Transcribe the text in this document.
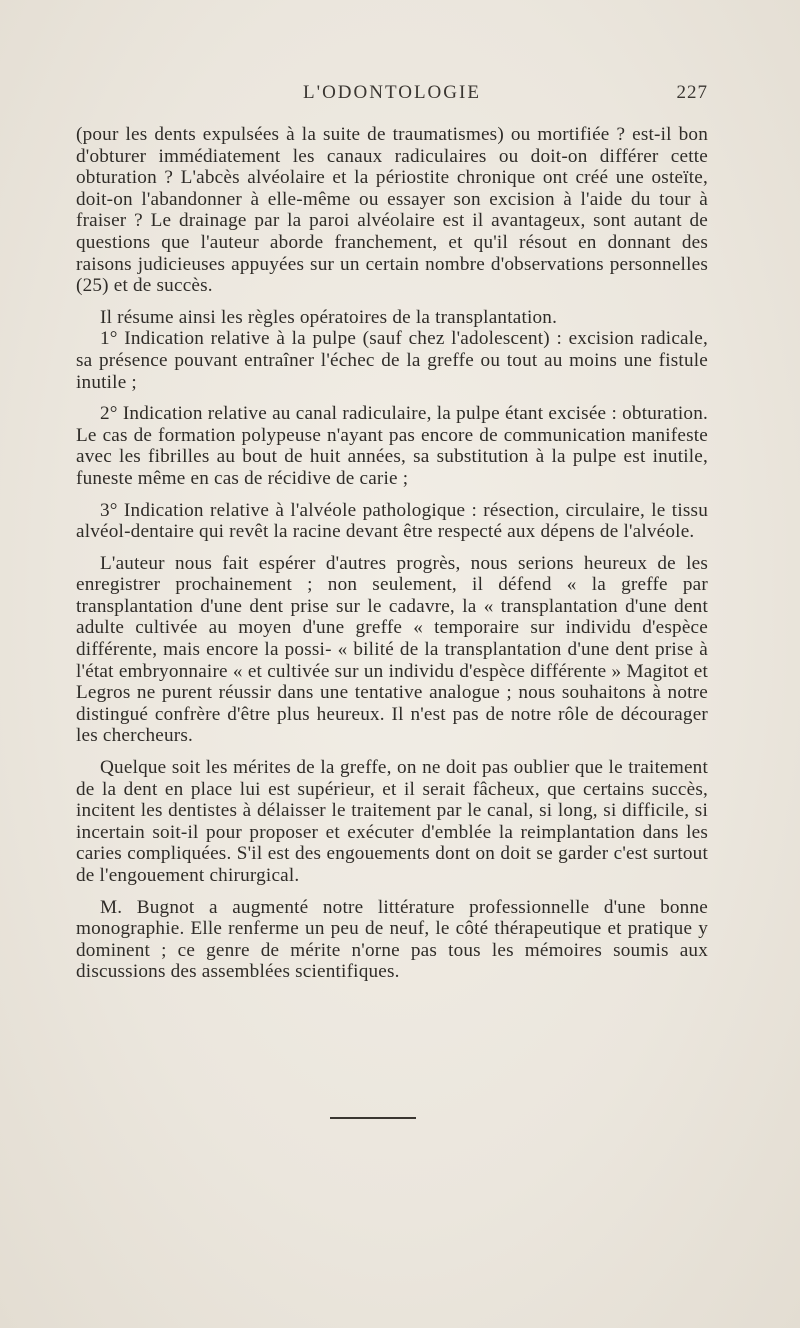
L'ODONTOLOGIE	227

(pour les dents expulsées à la suite de traumatismes) ou mortifiée ? est-il bon d'obturer immédiatement les canaux radiculaires ou doit-on différer cette obturation ? L'abcès alvéolaire et la périostite chronique ont créé une osteïte, doit-on l'abandonner à elle-même ou essayer son excision à l'aide du tour à fraiser ? Le drainage par la paroi alvéolaire est il avantageux, sont autant de questions que l'auteur aborde franchement, et qu'il résout en donnant des raisons judicieuses appuyées sur un certain nombre d'observations personnelles (25) et de succès.

Il résume ainsi les règles opératoires de la transplantation.

1° Indication relative à la pulpe (sauf chez l'adolescent) : excision radicale, sa présence pouvant entraîner l'échec de la greffe ou tout au moins une fistule inutile ;

2° Indication relative au canal radiculaire, la pulpe étant excisée : obturation. Le cas de formation polypeuse n'ayant pas encore de communication manifeste avec les fibrilles au bout de huit années, sa substitution à la pulpe est inutile, funeste même en cas de récidive de carie ;

3° Indication relative à l'alvéole pathologique : résection, circulaire, le tissu alvéol-dentaire qui revêt la racine devant être respecté aux dépens de l'alvéole.

L'auteur nous fait espérer d'autres progrès, nous serions heureux de les enregistrer prochainement ; non seulement, il défend « la greffe par transplantation d'une dent prise sur le cadavre, la « transplantation d'une dent adulte cultivée au moyen d'une greffe « temporaire sur individu d'espèce différente, mais encore la possi- « bilité de la transplantation d'une dent prise à l'état embryonnaire « et cultivée sur un individu d'espèce différente » Magitot et Legros ne purent réussir dans une tentative analogue ; nous souhaitons à notre distingué confrère d'être plus heureux. Il n'est pas de notre rôle de décourager les chercheurs.

Quelque soit les mérites de la greffe, on ne doit pas oublier que le traitement de la dent en place lui est supérieur, et il serait fâcheux, que certains succès, incitent les dentistes à délaisser le traitement par le canal, si long, si difficile, si incertain soit-il pour proposer et exécuter d'emblée la reimplantation dans les caries compliquées. S'il est des engouements dont on doit se garder c'est surtout de l'engouement chirurgical.

M. Bugnot a augmenté notre littérature professionnelle d'une bonne monographie. Elle renferme un peu de neuf, le côté thérapeutique et pratique y dominent ; ce genre de mérite n'orne pas tous les mémoires soumis aux discussions des assemblées scientifiques.
